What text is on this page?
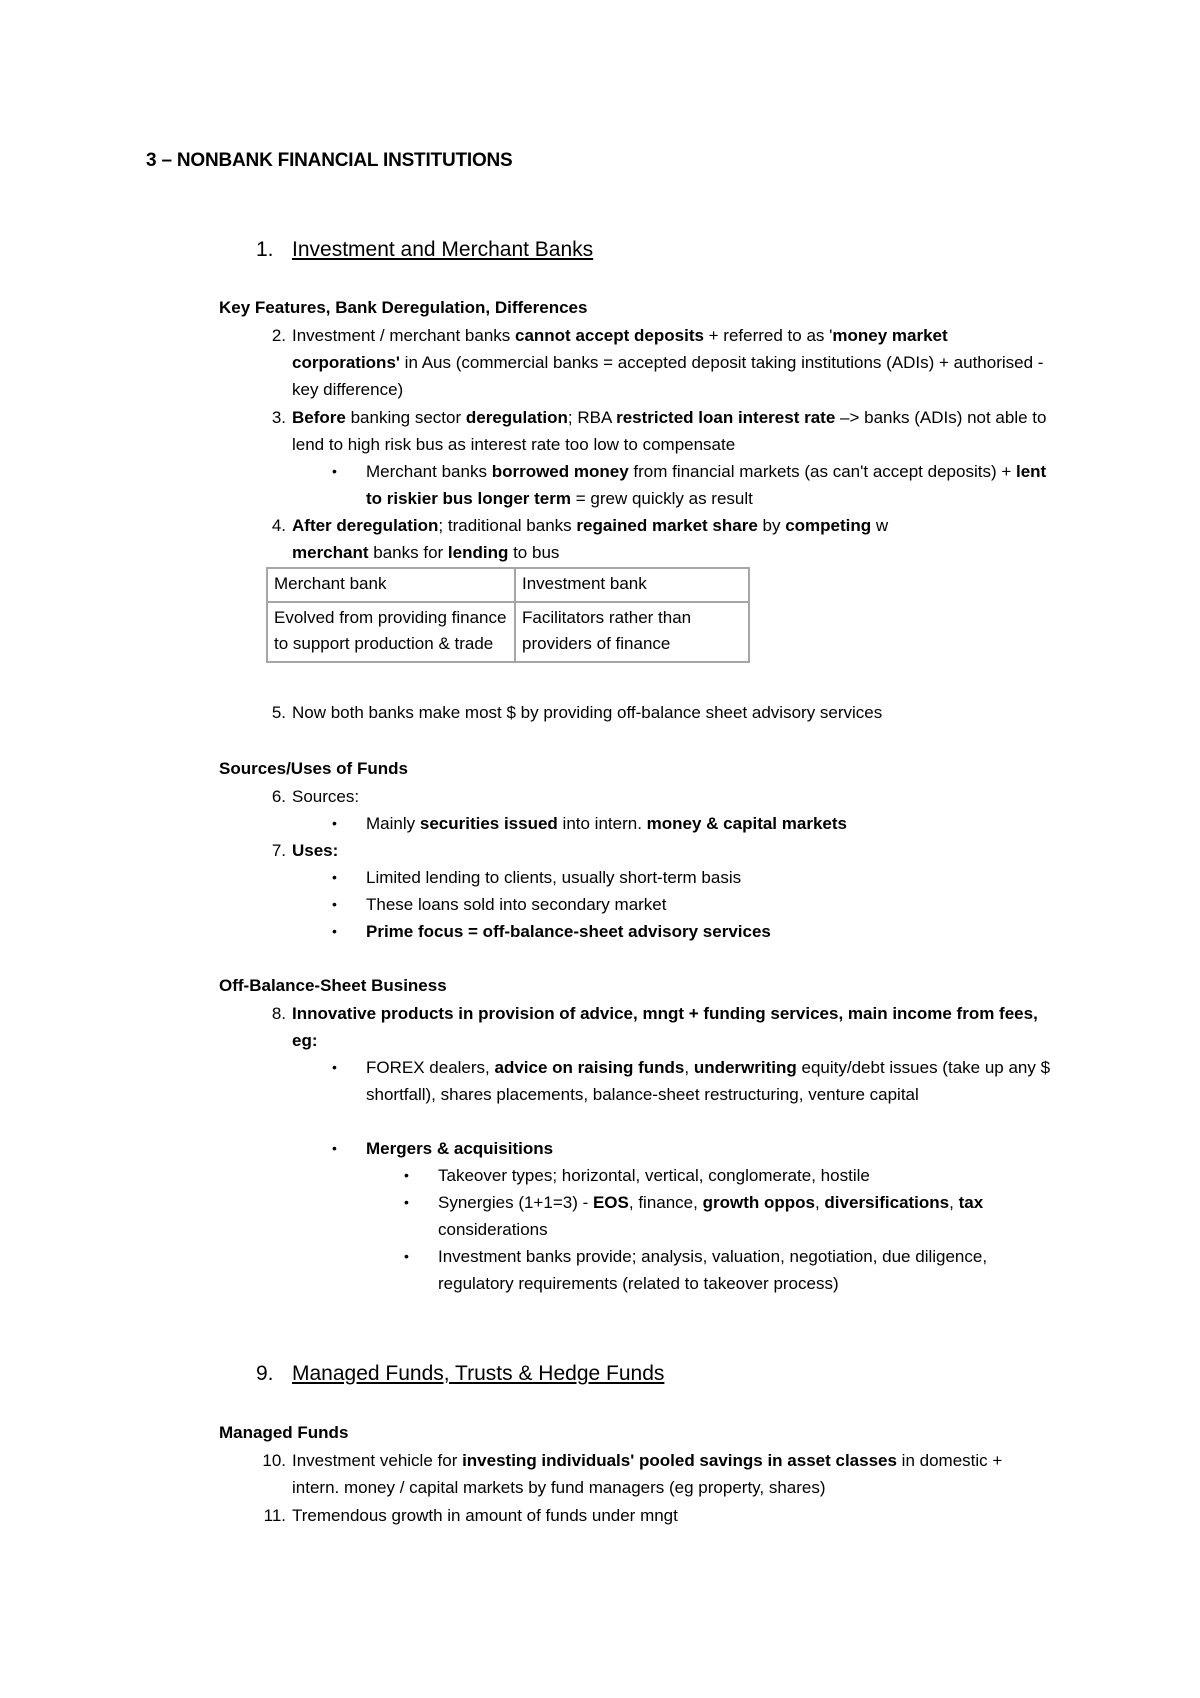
3 – NONBANK FINANCIAL INSTITUTIONS
1. Investment and Merchant Banks
Key Features, Bank Deregulation, Differences
2. Investment / merchant banks cannot accept deposits + referred to as 'money market corporations' in Aus (commercial banks = accepted deposit taking institutions (ADIs) + authorised - key difference)
3. Before banking sector deregulation; RBA restricted loan interest rate –> banks (ADIs) not able to lend to high risk bus as interest rate too low to compensate
• Merchant banks borrowed money from financial markets (as can't accept deposits) + lent to riskier bus longer term = grew quickly as result
4. After deregulation; traditional banks regained market share by competing w
merchant banks for lending to bus
Merchant bank	Investment bank
Evolved from providing finance to support production & trade	Facilitators rather than providers of finance
5. Now both banks make most $ by providing off-balance sheet advisory services
Sources/Uses of Funds
6. Sources:
• Mainly securities issued into intern. money & capital markets
7. Uses:
• Limited lending to clients, usually short-term basis
• These loans sold into secondary market
• Prime focus = off-balance-sheet advisory services
Off-Balance-Sheet Business
8. Innovative products in provision of advice, mngt + funding services, main income from fees, eg:
• FOREX dealers, advice on raising funds, underwriting equity/debt issues (take up any $ shortfall), shares placements, balance-sheet restructuring, venture capital
• Mergers & acquisitions
• Takeover types; horizontal, vertical, conglomerate, hostile
• Synergies (1+1=3) - EOS, finance, growth oppos, diversifications, tax considerations
• Investment banks provide; analysis, valuation, negotiation, due diligence, regulatory requirements (related to takeover process)
9. Managed Funds, Trusts & Hedge Funds
Managed Funds
10. Investment vehicle for investing individuals' pooled savings in asset classes in domestic + intern. money / capital markets by fund managers (eg property, shares)
11. Tremendous growth in amount of funds under mngt
